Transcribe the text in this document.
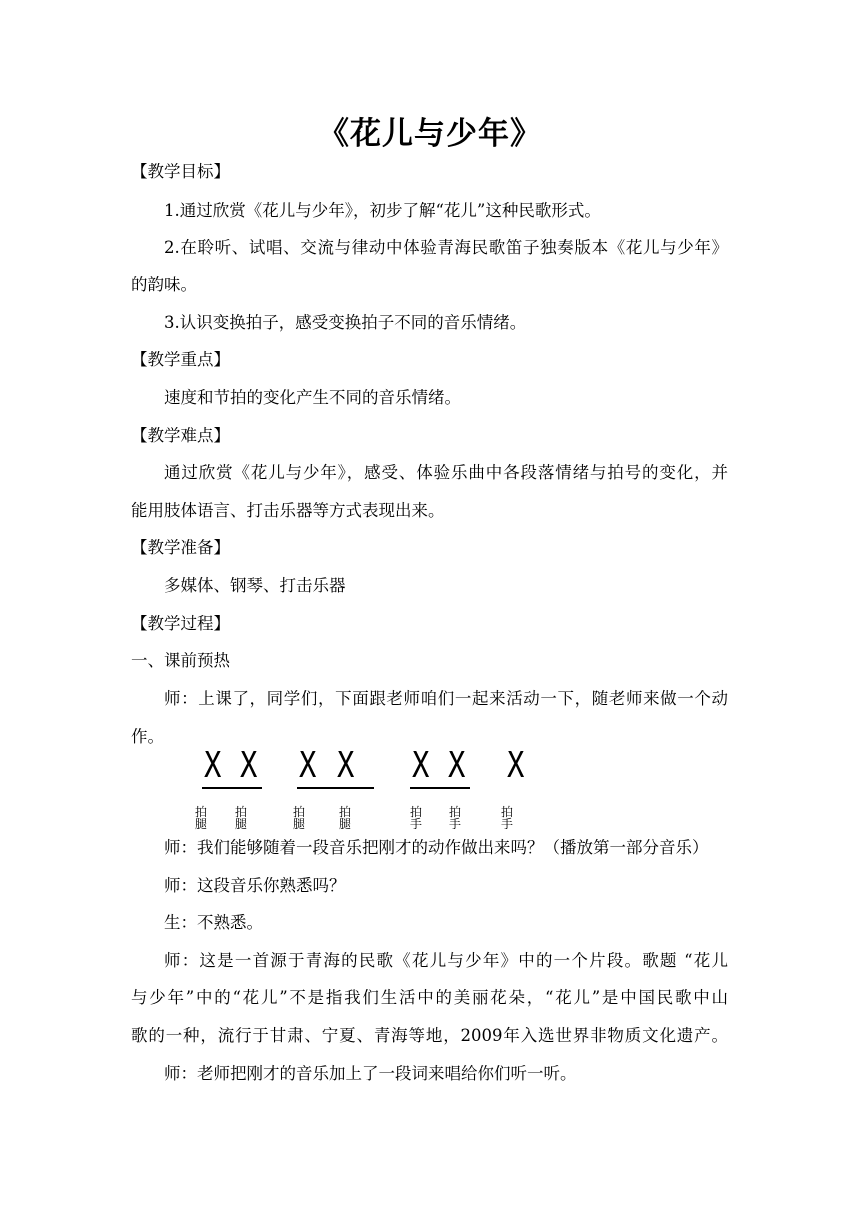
《花儿与少年》
【教学目标】
1.通过欣赏《花儿与少年》，初步了解“花儿”这种民歌形式。
2.在聆听、试唱、交流与律动中体验青海民歌笛子独奏版本《花儿与少年》
的韵味。
3.认识变换拍子，感受变换拍子不同的音乐情绪。
【教学重点】
速度和节拍的变化产生不同的音乐情绪。
【教学难点】
通过欣赏《花儿与少年》，感受、体验乐曲中各段落情绪与拍号的变化，并
能用肢体语言、打击乐器等方式表现出来。
【教学准备】
多媒体、钢琴、打击乐器
【教学过程】
一、课前预热
师：上课了，同学们，下面跟老师咱们一起来活动一下，随老师来做一个动
作。
X X X X X X X
拍腿
拍腿
拍腿
拍腿
拍手
拍手
拍手
师：我们能够随着一段音乐把刚才的动作做出来吗？（播放第一部分音乐）
师：这段音乐你熟悉吗？
生：不熟悉。
师：这是一首源于青海的民歌《花儿与少年》中的一个片段。歌题 “花儿
与少年”中的“花儿”不是指我们生活中的美丽花朵，“花儿”是中国民歌中山
歌的一种，流行于甘肃、宁夏、青海等地，2009年入选世界非物质文化遗产。
师：老师把刚才的音乐加上了一段词来唱给你们听一听。
